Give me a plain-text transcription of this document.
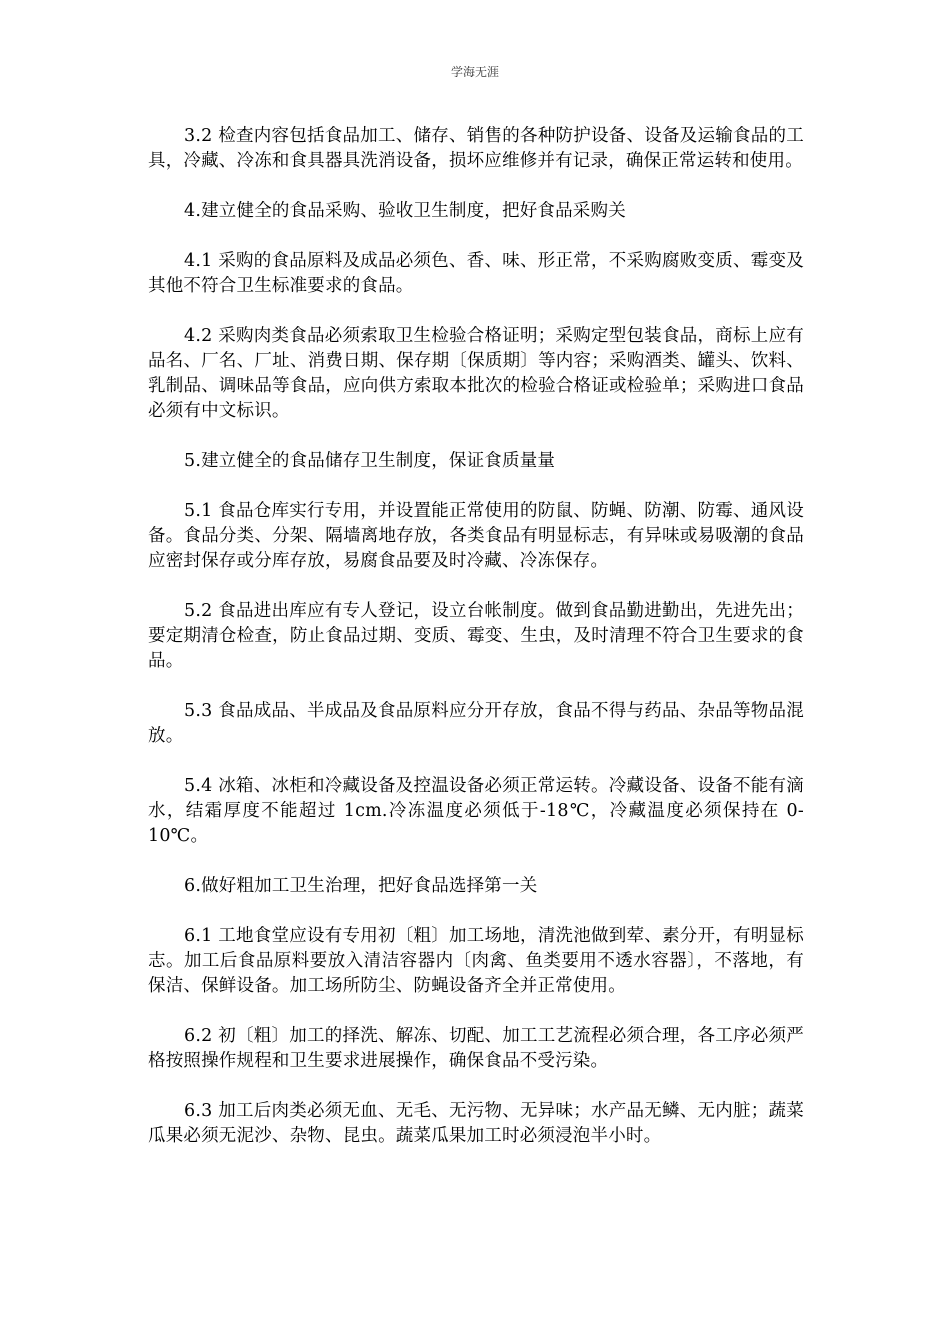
学海无涯

3.2 检查内容包括食品加工、储存、销售的各种防护设备、设备及运输食品的工具，冷藏、冷冻和食具器具洗消设备，损坏应维修并有记录，确保正常运转和使用。

4.建立健全的食品采购、验收卫生制度，把好食品采购关

4.1 采购的食品原料及成品必须色、香、味、形正常，不采购腐败变质、霉变及其他不符合卫生标准要求的食品。

4.2 采购肉类食品必须索取卫生检验合格证明；采购定型包装食品，商标上应有品名、厂名、厂址、消费日期、保存期〔保质期〕等内容；采购酒类、罐头、饮料、乳制品、调味品等食品，应向供方索取本批次的检验合格证或检验单；采购进口食品必须有中文标识。

5.建立健全的食品储存卫生制度，保证食质量量

5.1 食品仓库实行专用，并设置能正常使用的防鼠、防蝇、防潮、防霉、通风设备。食品分类、分架、隔墙离地存放，各类食品有明显标志，有异味或易吸潮的食品应密封保存或分库存放，易腐食品要及时冷藏、冷冻保存。

5.2 食品进出库应有专人登记，设立台帐制度。做到食品勤进勤出，先进先出；要定期清仓检查，防止食品过期、变质、霉变、生虫，及时清理不符合卫生要求的食品。

5.3 食品成品、半成品及食品原料应分开存放，食品不得与药品、杂品等物品混放。

5.4 冰箱、冰柜和冷藏设备及控温设备必须正常运转。冷藏设备、设备不能有滴水，结霜厚度不能超过 1cm.冷冻温度必须低于-18℃，冷藏温度必须保持在 0-10℃。

6.做好粗加工卫生治理，把好食品选择第一关

6.1 工地食堂应设有专用初〔粗〕加工场地，清洗池做到荤、素分开，有明显标志。加工后食品原料要放入清洁容器内〔肉禽、鱼类要用不透水容器〕，不落地，有保洁、保鲜设备。加工场所防尘、防蝇设备齐全并正常使用。

6.2 初〔粗〕加工的择洗、解冻、切配、加工工艺流程必须合理，各工序必须严格按照操作规程和卫生要求进展操作，确保食品不受污染。

6.3 加工后肉类必须无血、无毛、无污物、无异味；水产品无鳞、无内脏；蔬菜瓜果必须无泥沙、杂物、昆虫。蔬菜瓜果加工时必须浸泡半小时。
